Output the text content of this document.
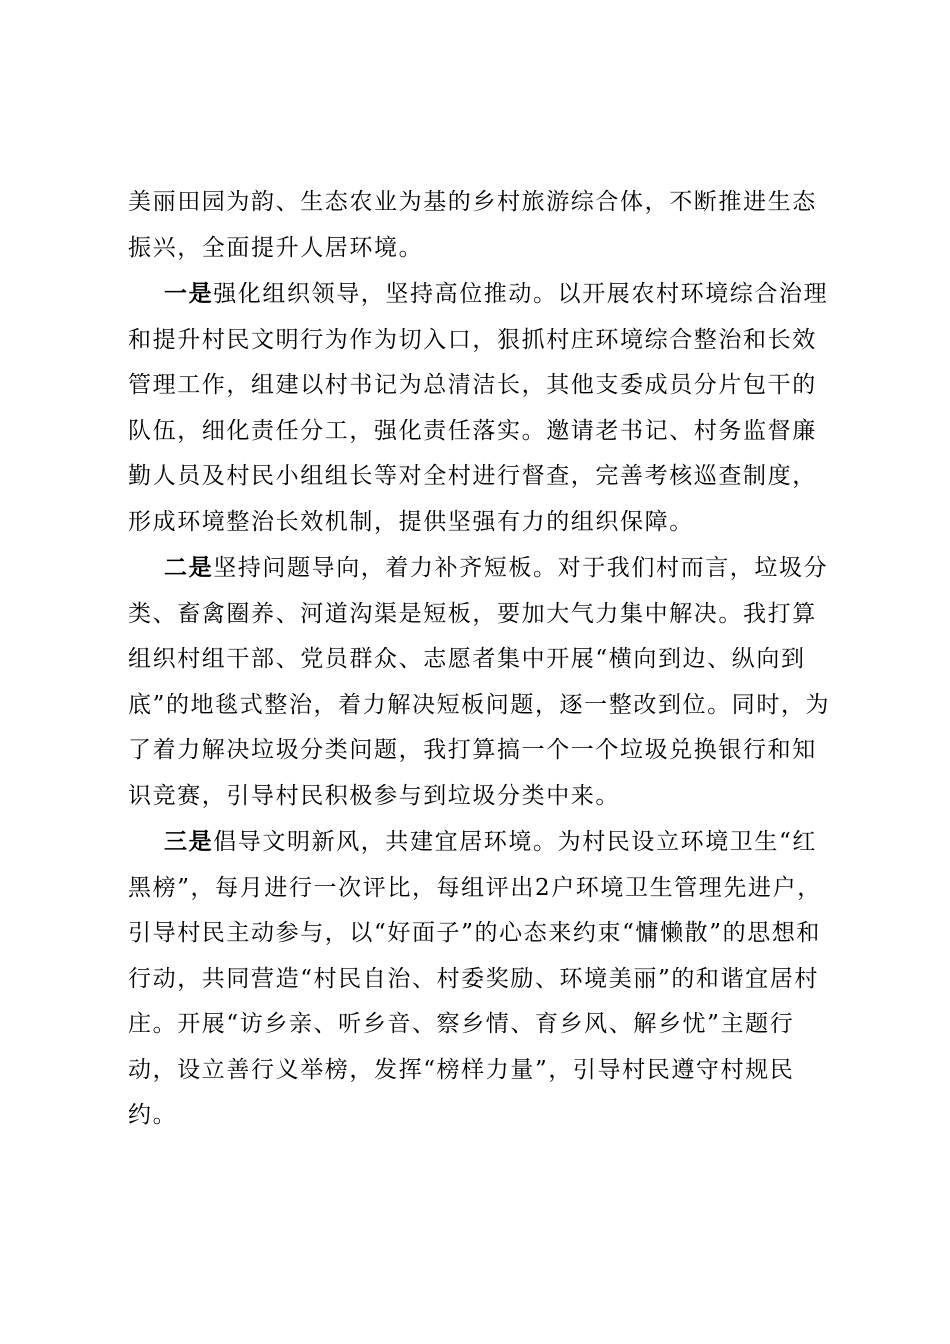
美丽田园为韵、生态农业为基的乡村旅游综合体，不断推进生态振兴，全面提升人居环境。

一是强化组织领导，坚持高位推动。以开展农村环境综合治理和提升村民文明行为作为切入口，狠抓村庄环境综合整治和长效管理工作，组建以村书记为总清洁长，其他支委成员分片包干的队伍，细化责任分工，强化责任落实。邀请老书记、村务监督廉勤人员及村民小组组长等对全村进行督查，完善考核巡查制度，形成环境整治长效机制，提供坚强有力的组织保障。

二是坚持问题导向，着力补齐短板。对于我们村而言，垃圾分类、畜禽圈养、河道沟渠是短板，要加大气力集中解决。我打算组织村组干部、党员群众、志愿者集中开展“横向到边、纵向到底”的地毯式整治，着力解决短板问题，逐一整改到位。同时，为了着力解决垃圾分类问题，我打算搞一个一个垃圾兑换银行和知识竞赛，引导村民积极参与到垃圾分类中来。

三是倡导文明新风，共建宜居环境。为村民设立环境卫生“红黑榜”，每月进行一次评比，每组评出2户环境卫生管理先进户，引导村民主动参与，以“好面子”的心态来约束“慵懒散”的思想和行动，共同营造“村民自治、村委奖励、环境美丽”的和谐宜居村庄。开展“访乡亲、听乡音、察乡情、育乡风、解乡忧”主题行动，设立善行义举榜，发挥“榜样力量”，引导村民遵守村规民约。
